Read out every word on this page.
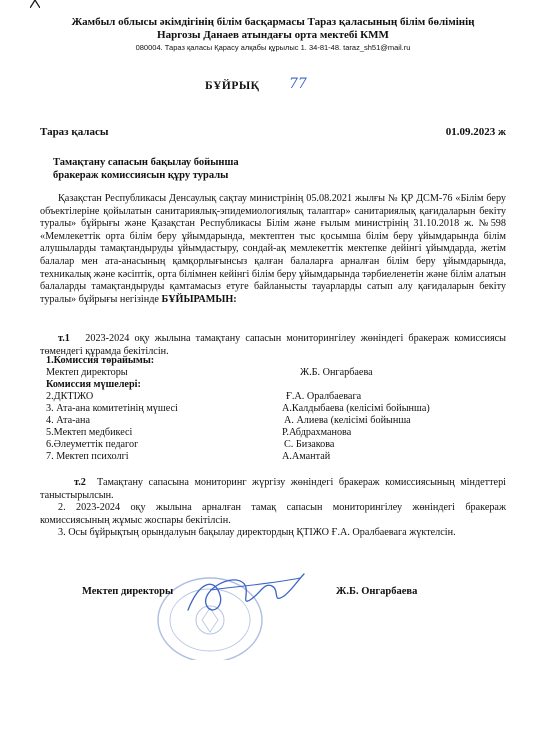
Жамбыл облысы әкімдігінің білім басқармасы Тараз қаласының білім бөлімінің
Наргозы Данаев атындағы орта мектебі КММ
080004. Тараз қаласы Қарасу алқабы құрылыс 1. 34-81-48. taraz_sh51@mail.ru
БҰЙРЫҚ 77
Тараз қаласы	01.09.2023 ж
Тамақтану сапасын бақылау бойынша
бракераж комиссиясын құру туралы
Қазақстан Республикасы Денсаулық сақтау министрінің 05.08.2021 жылғы № ҚР ДСМ-76 «Білім беру объектілеріне қойылатын санитариялық-эпидемиологиялық талаптар» санитариялық қағидаларын бекіту туралы» бұйрығы және Қазақстан Республикасы Білім және ғылым министрінің 31.10.2018 ж. №598 «Мемлекеттік орта білім беру ұйымдарында, мектептен тыс қосымша білім беру ұйымдарында білім алушыларды тамақтандыруды ұйымдастыру, сондай-ақ мемлекеттік мектепке дейінгі ұйымдарда, жетім балалар мен ата-анасының қамқорлығынсыз қалған балаларға арналған білім беру ұйымдарында, техникалық және кәсіптік, орта білімнен кейінгі білім беру ұйымдарында тәрбиеленетін және білім алатын балаларды тамақтандыруды қамтамасыз етуге байланысты тауарларды сатып алу қағидаларын бекіту туралы» бұйрығы негізінде БҰЙЫРАМЫН:
т.1 2023-2024 оқу жылына тамақтану сапасын мониторингілеу жөніндегі бракераж комиссиясы төмендегі құрамда бекітілсін.
1.Комиссия төрайымы:
Мектеп директоры	Ж.Б. Онгарбаева
Комиссия мүшелері:
2.ДКТІЖО	Ғ.А. Оралбаевага
3. Ата-ана комитетінің мүшесі	А.Калдыбаева (келісімі бойынша)
4. Ата-ана	А. Алиева (келісімі бойынша
5.Мектеп медбикесі	Р.Абдрахманова
6.Әлеуметтік педагог	С. Бизакова
7. Мектеп психолгі	А.Амантай
т.2 Тамақтану сапасына мониторинг жүргізу жөніндегі бракераж комиссиясының міндеттері таныстырылсын.
2. 2023-2024 оқу жылына арналған тамақ сапасын мониторингілеу жөніндегі бракераж комиссиясының жұмыс жоспары бекітілсін.
3. Осы бұйрықтың орындалуын бақылау директордың ҚТІЖО Ғ.А. Оралбаевага жүктелсін.
Мектеп директоры	Ж.Б. Онгарбаева
